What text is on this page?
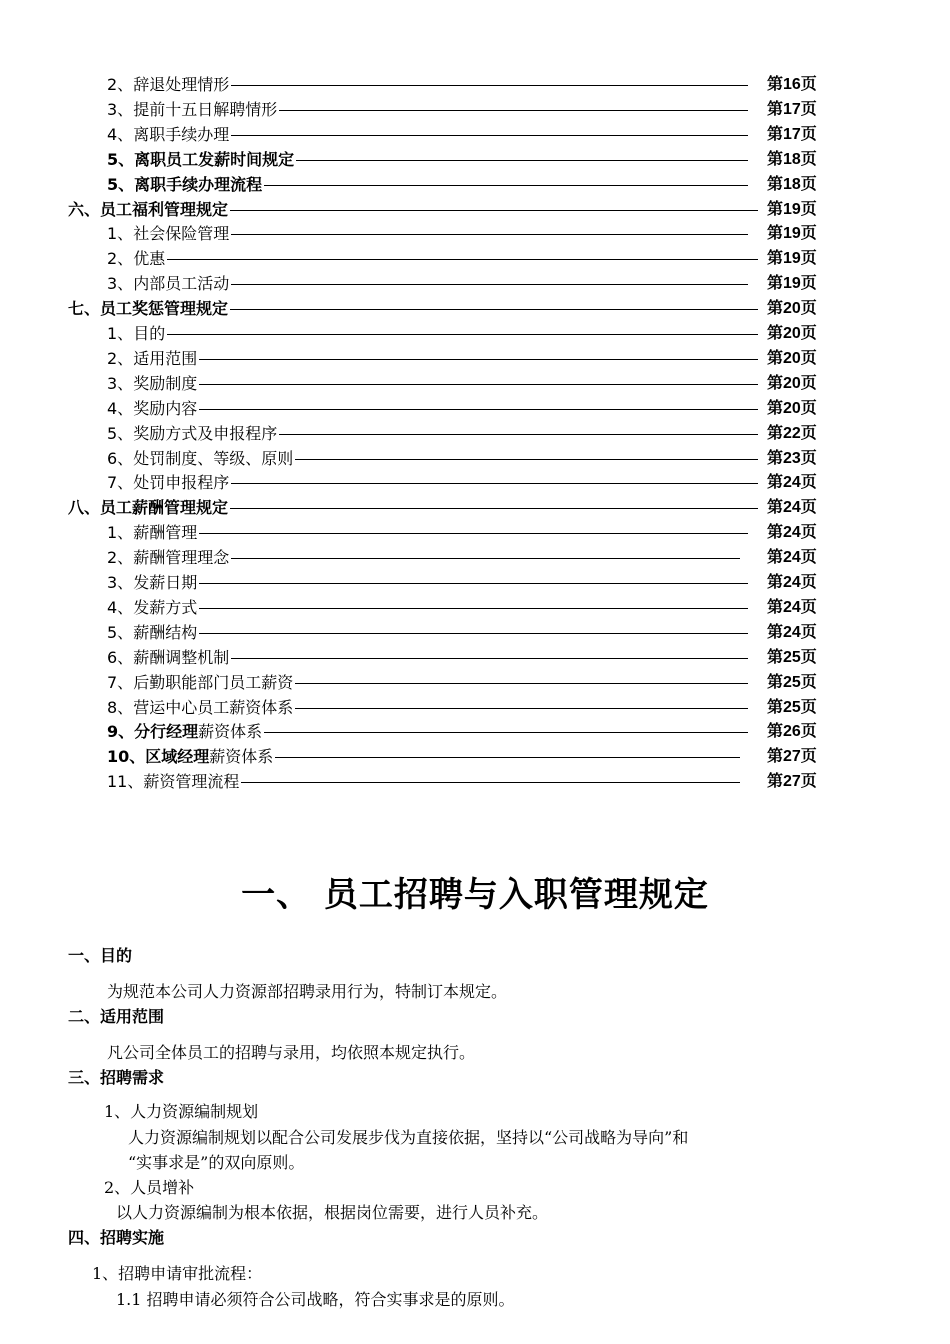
2、辞退处理情形	第16页
3、提前十五日解聘情形	第17页
4、离职手续办理	第17页
5、离职员工发薪时间规定	第18页
5、离职手续办理流程	第18页
六、员工福利管理规定	第19页
1、社会保险管理	第19页
2、优惠	第19页
3、内部员工活动	第19页
七、员工奖惩管理规定	第20页
1、目的	第20页
2、适用范围	第20页
3、奖励制度	第20页
4、奖励内容	第20页
5、奖励方式及申报程序	第22页
6、处罚制度、等级、原则	第23页
7、处罚申报程序	第24页
八、员工薪酬管理规定	第24页
1、薪酬管理	第24页
2、薪酬管理理念	第24页
3、发薪日期	第24页
4、发薪方式	第24页
5、薪酬结构	第24页
6、薪酬调整机制	第25页
7、后勤职能部门员工薪资	第25页
8、营运中心员工薪资体系	第25页
9、分行经理薪资体系	第26页
10、区域经理薪资体系	第27页
11、薪资管理流程	第27页
一、 员工招聘与入职管理规定
一、目的
为规范本公司人力资源部招聘录用行为，特制订本规定。
二、适用范围
凡公司全体员工的招聘与录用，均依照本规定执行。
三、招聘需求
1、人力资源编制规划
人力资源编制规划以配合公司发展步伐为直接依据，坚持以“公司战略为导向”和
“实事求是”的双向原则。
2、人员增补
以人力资源编制为根本依据，根据岗位需要，进行人员补充。
四、招聘实施
1、招聘申请审批流程：
1.1 招聘申请必须符合公司战略，符合实事求是的原则。
